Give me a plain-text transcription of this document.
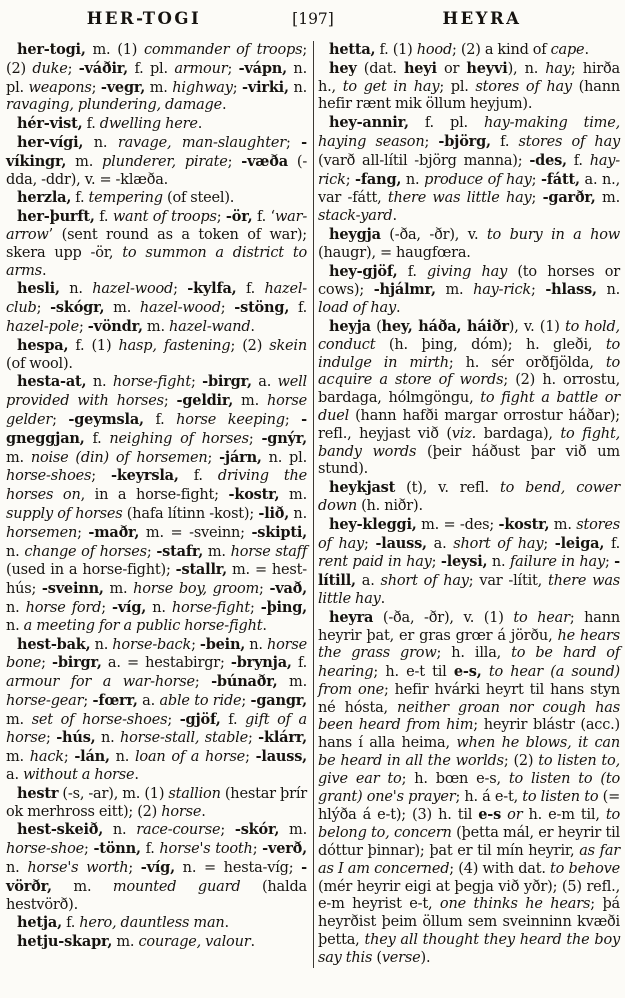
HER-TOGI	[197]	HEYRA

her-togi, m. (1) commander of troops; (2) duke; -váðir, f. pl. armour; -vápn, n. pl. weapons; -vegr, m. highway; -virki, n. ravaging, plundering, damage.

hér-vist, f. dwelling here.

her-vígi, n. ravage, man-slaughter; -víkingr, m. plunderer, pirate; -væða (-dda, -ddr), v. = -klæða.

herzla, f. tempering (of steel).

her-þurft, f. want of troops; -ör, f. ‘war-arrow’ (sent round as a token of war); skera upp -ör, to summon a district to arms.

hesli, n. hazel-wood; -kylfa, f. hazel-club; -skógr, m. hazel-wood; -stöng, f. hazel-pole; -vöndr, m. hazel-wand.

hespa, f. (1) hasp, fastening; (2) skein (of wool).

hesta-at, n. horse-fight; -birgr, a. well provided with horses; -geldir, m. horse gelder; -geymsla, f. horse keeping; -gneggjan, f. neighing of horses; -gnýr, m. noise (din) of horsemen; -járn, n. pl. horse-shoes; -keyrsla, f. driving the horses on, in a horse-fight; -kostr, m. supply of horses (hafa lítinn -kost); -lið, n. horsemen; -maðr, m. = -sveinn; -skipti, n. change of horses; -stafr, m. horse staff (used in a horse-fight); -stallr, m. = hest-hús; -sveinn, m. horse boy, groom; -vað, n. horse ford; -víg, n. horse-fight; -þing, n. a meeting for a public horse-fight.

hest-bak, n. horse-back; -bein, n. horse bone; -birgr, a. = hestabirgr; -brynja, f. armour for a war-horse; -búnaðr, m. horse-gear; -fœrr, a. able to ride; -gangr, m. set of horse-shoes; -gjöf, f. gift of a horse; -hús, n. horse-stall, stable; -klárr, m. hack; -lán, n. loan of a horse; -lauss, a. without a horse.

hestr (-s, -ar), m. (1) stallion (hestar þrír ok merhross eitt); (2) horse.

hest-skeið, n. race-course; -skór, m. horse-shoe; -tönn, f. horse's tooth; -verð, n. horse's worth; -víg, n. = hesta-víg; -vörðr, m. mounted guard (halda hestvörð).

hetja, f. hero, dauntless man.

hetju-skapr, m. courage, valour.

hetta, f. (1) hood; (2) a kind of cape.

hey (dat. heyi or heyvi), n. hay; hirða h., to get in hay; pl. stores of hay (hann hefir rænt mik öllum heyjum).

hey-annir, f. pl. hay-making time, haying season; -björg, f. stores of hay (varð all-lítil -björg manna); -des, f. hay-rick; -fang, n. produce of hay; -fátt, a. n., var -fátt, there was little hay; -garðr, m. stack-yard.

heygja (-ða, -ðr), v. to bury in a how (haugr), = haugfœra.

hey-gjöf, f. giving hay (to horses or cows); -hjálmr, m. hay-rick; -hlass, n. load of hay.

heyja (hey, háða, háiðr), v. (1) to hold, conduct (h. þing, dóm); h. gleði, to indulge in mirth; h. sér orðfjölda, to acquire a store of words; (2) h. orrostu, bardaga, hólmgöngu, to fight a battle or duel (hann hafði margar orrostur háðar); refl., heyjast við (viz. bardaga), to fight, bandy words (þeir háðust þar við um stund).

heykjast (t), v. refl. to bend, cower down (h. niðr).

hey-kleggi, m. = -des; -kostr, m. stores of hay; -lauss, a. short of hay; -leiga, f. rent paid in hay; -leysi, n. failure in hay; -lítill, a. short of hay; var -lítit, there was little hay.

heyra (-ða, -ðr), v. (1) to hear; hann heyrir þat, er gras grœr á jörðu, he hears the grass grow; h. illa, to be hard of hearing; h. e-t til e-s, to hear (a sound) from one; hefir hvárki heyrt til hans styn né hósta, neither groan nor cough has been heard from him; heyrir blástr (acc.) hans í alla heima, when he blows, it can be heard in all the worlds; (2) to listen to, give ear to; h. bœn e-s, to listen to (to grant) one's prayer; h. á e-t, to listen to (= hlýða á e-t); (3) h. til e-s or h. e-m til, to belong to, concern (þetta mál, er heyrir til dóttur þinnar); þat er til mín heyrir, as far as I am concerned; (4) with dat. to behove (mér heyrir eigi at þegja við yðr); (5) refl., e-m heyrist e-t, one thinks he hears; þá heyrðist þeim öllum sem sveinninn kvæði þetta, they all thought they heard the boy say this (verse).
